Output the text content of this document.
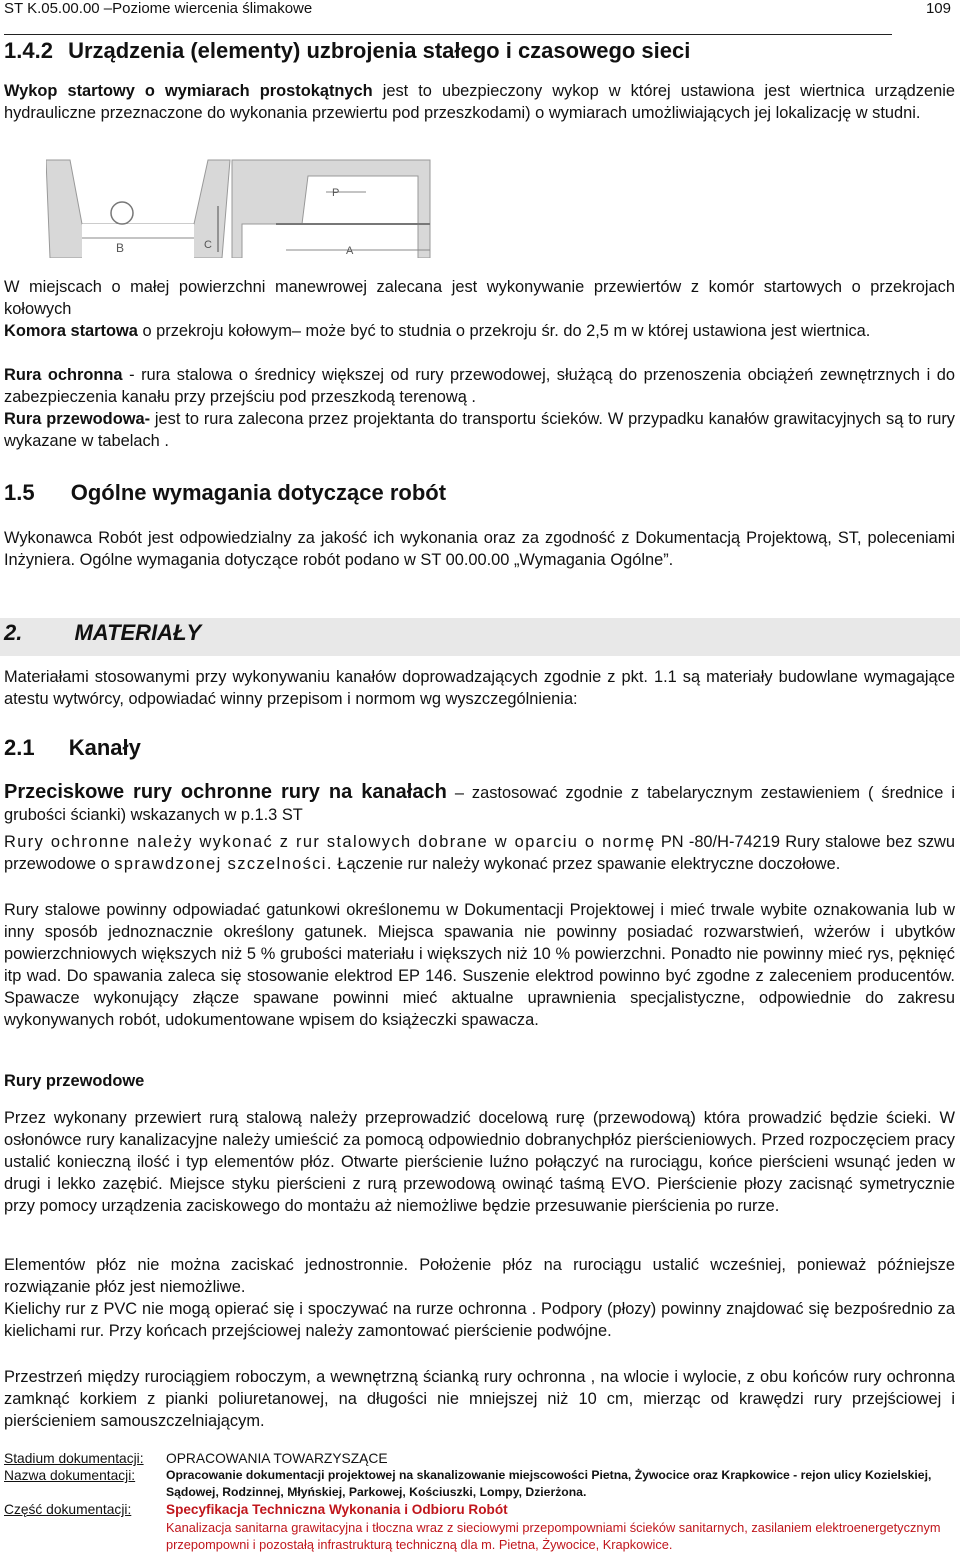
ST K.05.00.00 –Poziome wiercenia ślimakowe	109
1.4.2 Urządzenia (elementy) uzbrojenia stałego i czasowego sieci
Wykop startowy o wymiarach prostokątnych jest to ubezpieczony wykop w której ustawiona jest wiertnica urządzenie hydrauliczne przeznaczone do wykonania przewiertu pod przeszkodami) o wymiarach umożliwiających jej lokalizację w studni.
B
P
C	A
W miejscach o małej powierzchni manewrowej zalecana jest wykonywanie przewiertów z komór startowych o przekrojach kołowych
Komora startowa o przekroju kołowym– może być to studnia o przekroju śr. do 2,5 m w której ustawiona jest wiertnica.
Rura ochronna - rura stalowa o średnicy większej od rury przewodowej, służącą do przenoszenia obciążeń zewnętrznych i do zabezpieczenia kanału przy przejściu pod przeszkodą terenową .
Rura przewodowa- jest to rura zalecona przez projektanta do transportu ścieków. W przypadku kanałów grawitacyjnych są to rury wykazane w tabelach .
1.5 Ogólne wymagania dotyczące robót
Wykonawca Robót jest odpowiedzialny za jakość ich wykonania oraz za zgodność z Dokumentacją Projektową, ST, poleceniami Inżyniera. Ogólne wymagania dotyczące robót podano w ST 00.00.00 „Wymagania Ogólne”.
2. MATERIAŁY
Materiałami stosowanymi przy wykonywaniu kanałów doprowadzających zgodnie z pkt. 1.1 są materiały budowlane wymagające atestu wytwórcy, odpowiadać winny przepisom i normom wg wyszczególnienia:
2.1 Kanały
Przeciskowe rury ochronne rury na kanałach – zastosować zgodnie z tabelarycznym zestawieniem ( średnice i grubości ścianki) wskazanych w p.1.3 ST
Rury ochronne należy wykonać z rur stalowych dobrane w oparciu o normę PN -80/H-74219 Rury stalowe bez szwu przewodowe o sprawdzonej szczelności. Łączenie rur należy wykonać przez spawanie elektryczne doczołowe.
Rury stalowe powinny odpowiadać gatunkowi określonemu w Dokumentacji Projektowej i mieć trwale wybite oznakowania lub w inny sposób jednoznacznie określony gatunek. Miejsca spawania nie powinny posiadać rozwarstwień, wżerów i ubytków powierzchniowych większych niż 5 % grubości materiału i większych niż 10 % powierzchni. Ponadto nie powinny mieć rys, pęknięć itp wad. Do spawania zaleca się stosowanie elektrod EP 146. Suszenie elektrod powinno być zgodne z zaleceniem producentów. Spawacze wykonujący złącze spawane powinni mieć aktualne uprawnienia specjalistyczne, odpowiednie do zakresu wykonywanych robót, udokumentowane wpisem do książeczki spawacza.
Rury przewodowe
Przez wykonany przewiert rurą stalową należy przeprowadzić docelową rurę (przewodową) która prowadzić będzie ścieki. W osłonówce rury kanalizacyjne należy umieścić za pomocą odpowiednio dobranychpłóz pierścieniowych. Przed rozpoczęciem pracy ustalić konieczną ilość i typ elementów płóz. Otwarte pierścienie luźno połączyć na rurociągu, końce pierścieni wsunąć jeden w drugi i lekko zazębić. Miejsce styku pierścieni z rurą przewodową owinąć taśmą EVO. Pierścienie płozy zacisnąć symetrycznie przy pomocy urządzenia zaciskowego do montażu aż niemożliwe będzie przesuwanie pierścienia po rurze.
Elementów płóz nie można zaciskać jednostronnie. Położenie płóz na rurociągu ustalić wcześniej, ponieważ późniejsze rozwiązanie płóz jest niemożliwe.
Kielichy rur z PVC nie mogą opierać się i spoczywać na rurze ochronna . Podpory (płozy) powinny znajdować się bezpośrednio za kielichami rur. Przy końcach przejściowej należy zamontować pierścienie podwójne.
Przestrzeń między rurociągiem roboczym, a wewnętrzną ścianką rury ochronna , na wlocie i wylocie, z obu końców rury ochronna zamknąć korkiem z pianki poliuretanowej, na długości nie mniejszej niż 10 cm, mierząc od krawędzi rury przejściowej i pierścieniem samouszczelniającym.
Stadium dokumentacji: OPRACOWANIA TOWARZYSZĄCE
Nazwa dokumentacji:	Opracowanie dokumentacji projektowej na skanalizowanie miejscowości Pietna, Żywocice oraz Krapkowice - rejon ulicy Kozielskiej,
Sądowej, Rodzinnej, Młyńskiej, Parkowej, Kościuszki, Lompy, Dzierżona.
Część dokumentacji:	Specyfikacja Techniczna Wykonania i Odbioru Robót
Kanalizacja sanitarna grawitacyjna i tłoczna wraz z sieciowymi przepompowniami ścieków sanitarnych, zasilaniem elektroenergetycznym
przepompowni i pozostałą infrastrukturą techniczną dla m. Pietna, Żywocice, Krapkowice.
